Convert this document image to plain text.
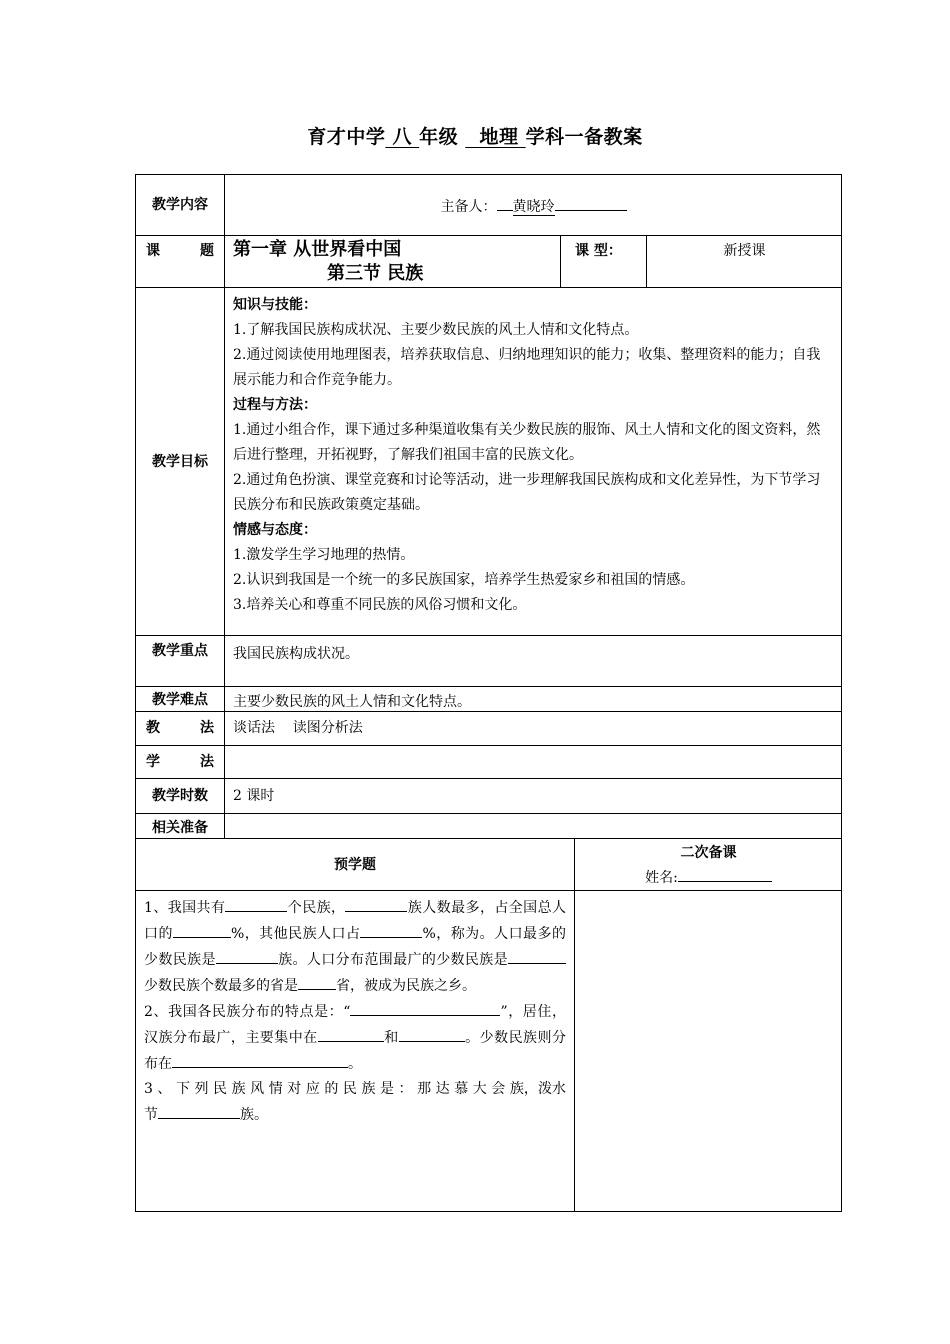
育才中学 八 年级 地理 学科一备教案
教学内容	主备人： 黄晓玲
课	题 第一章 从世界看中国
第三节 民族
课 型：	新授课
教学目标

知识与技能：

1.了解我国民族构成状况、主要少数民族的风土人情和文化特点。

2.通过阅读使用地理图表，培养获取信息、归纳地理知识的能力；收集、整理资料的能力；自我展示能力和合作竞争能力。

过程与方法：

1.通过小组合作，课下通过多种渠道收集有关少数民族的服饰、风土人情和文化的图文资料，然后进行整理，开拓视野，了解我们祖国丰富的民族文化。

2.通过角色扮演、课堂竞赛和讨论等活动，进一步理解我国民族构成和文化差异性，为下节学习民族分布和民族政策奠定基础。

情感与态度：

1.激发学生学习地理的热情。

2.认识到我国是一个统一的多民族国家，培养学生热爱家乡和祖国的情感。

3.培养关心和尊重不同民族的风俗习惯和文化。

教学重点	我国民族构成状况。
教学难点	主要少数民族的风土人情和文化特点。
教	法	谈话法    读图分析法
学	法
教学时数	2 课时
相关准备
预学题
二次备课
姓名:
1、我国共有	个民族，	族人数最多，占全国总人口的	%，其他民族人口占	%，称为。人口最多的少数民族是	族。人口分布范围最广的少数民族是少数民族个数最多的省是	省，被成为民族之乡。
2、我国各民族分布的特点是：“	”，居住，汉族分布最广，主要集中在	和	。少数民族则分布在	。
3 、 下 列 民 族 风 情 对 应 的 民 族 是 ： 那 达 慕 大 会 族，泼水节	族。
